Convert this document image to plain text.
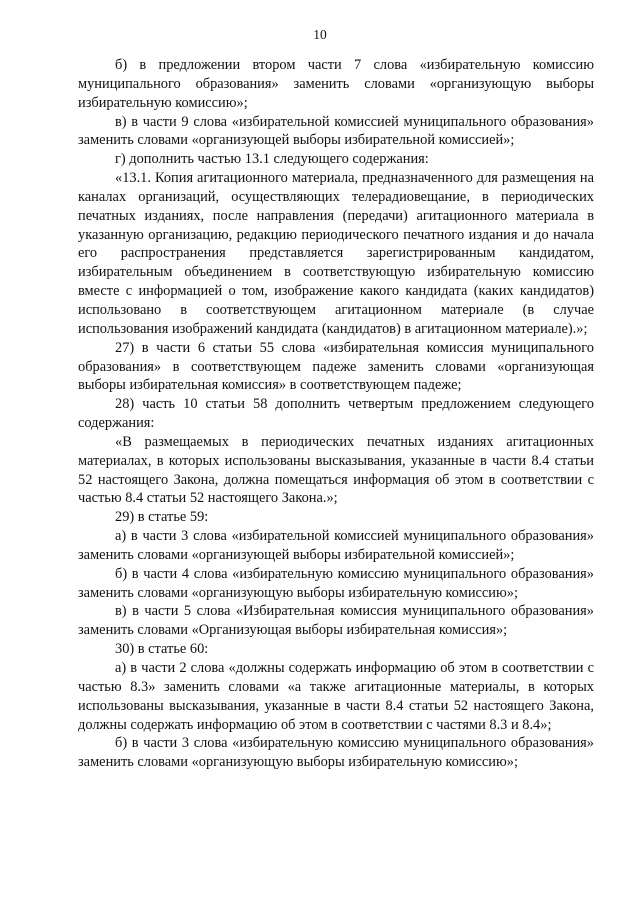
10

б) в предложении втором части 7 слова «избирательную комиссию муниципального образования» заменить словами «организующую выборы избирательную комиссию»;

в) в части 9 слова «избирательной комиссией муниципального образования» заменить словами «организующей выборы избирательной комиссией»;

г) дополнить частью 13.1 следующего содержания:

«13.1. Копия агитационного материала, предназначенного для размещения на каналах организаций, осуществляющих телерадиовещание, в периодических печатных изданиях, после направления (передачи) агитационного материала в указанную организацию, редакцию периодического печатного издания и до начала его распространения представляется зарегистрированным кандидатом, избирательным объединением в соответствующую избирательную комиссию вместе с информацией о том, изображение какого кандидата (каких кандидатов) использовано в соответствующем агитационном материале (в случае использования изображений кандидата (кандидатов) в агитационном материале).»;

27) в части 6 статьи 55 слова «избирательная комиссия муниципального образования» в соответствующем падеже заменить словами «организующая выборы избирательная комиссия» в соответствующем падеже;

28) часть 10 статьи 58 дополнить четвертым предложением следующего содержания:

«В размещаемых в периодических печатных изданиях агитационных материалах, в которых использованы высказывания, указанные в части 8.4 статьи 52 настоящего Закона, должна помещаться информация об этом в соответствии с частью 8.4 статьи 52 настоящего Закона.»;

29) в статье 59:

а) в части 3 слова «избирательной комиссией муниципального образования» заменить словами «организующей выборы избирательной комиссией»;

б) в части 4 слова «избирательную комиссию муниципального образования» заменить словами «организующую выборы избирательную комиссию»;

в) в части 5 слова «Избирательная комиссия муниципального образования» заменить словами «Организующая выборы избирательная комиссия»;

30) в статье 60:

а) в части 2 слова «должны содержать информацию об этом в соответствии с частью 8.3» заменить словами «а также агитационные материалы, в которых использованы высказывания, указанные в части 8.4 статьи 52 настоящего Закона, должны содержать информацию об этом в соответствии с частями 8.3 и 8.4»;

б) в части 3 слова «избирательную комиссию муниципального образования» заменить словами «организующую выборы избирательную комиссию»;
